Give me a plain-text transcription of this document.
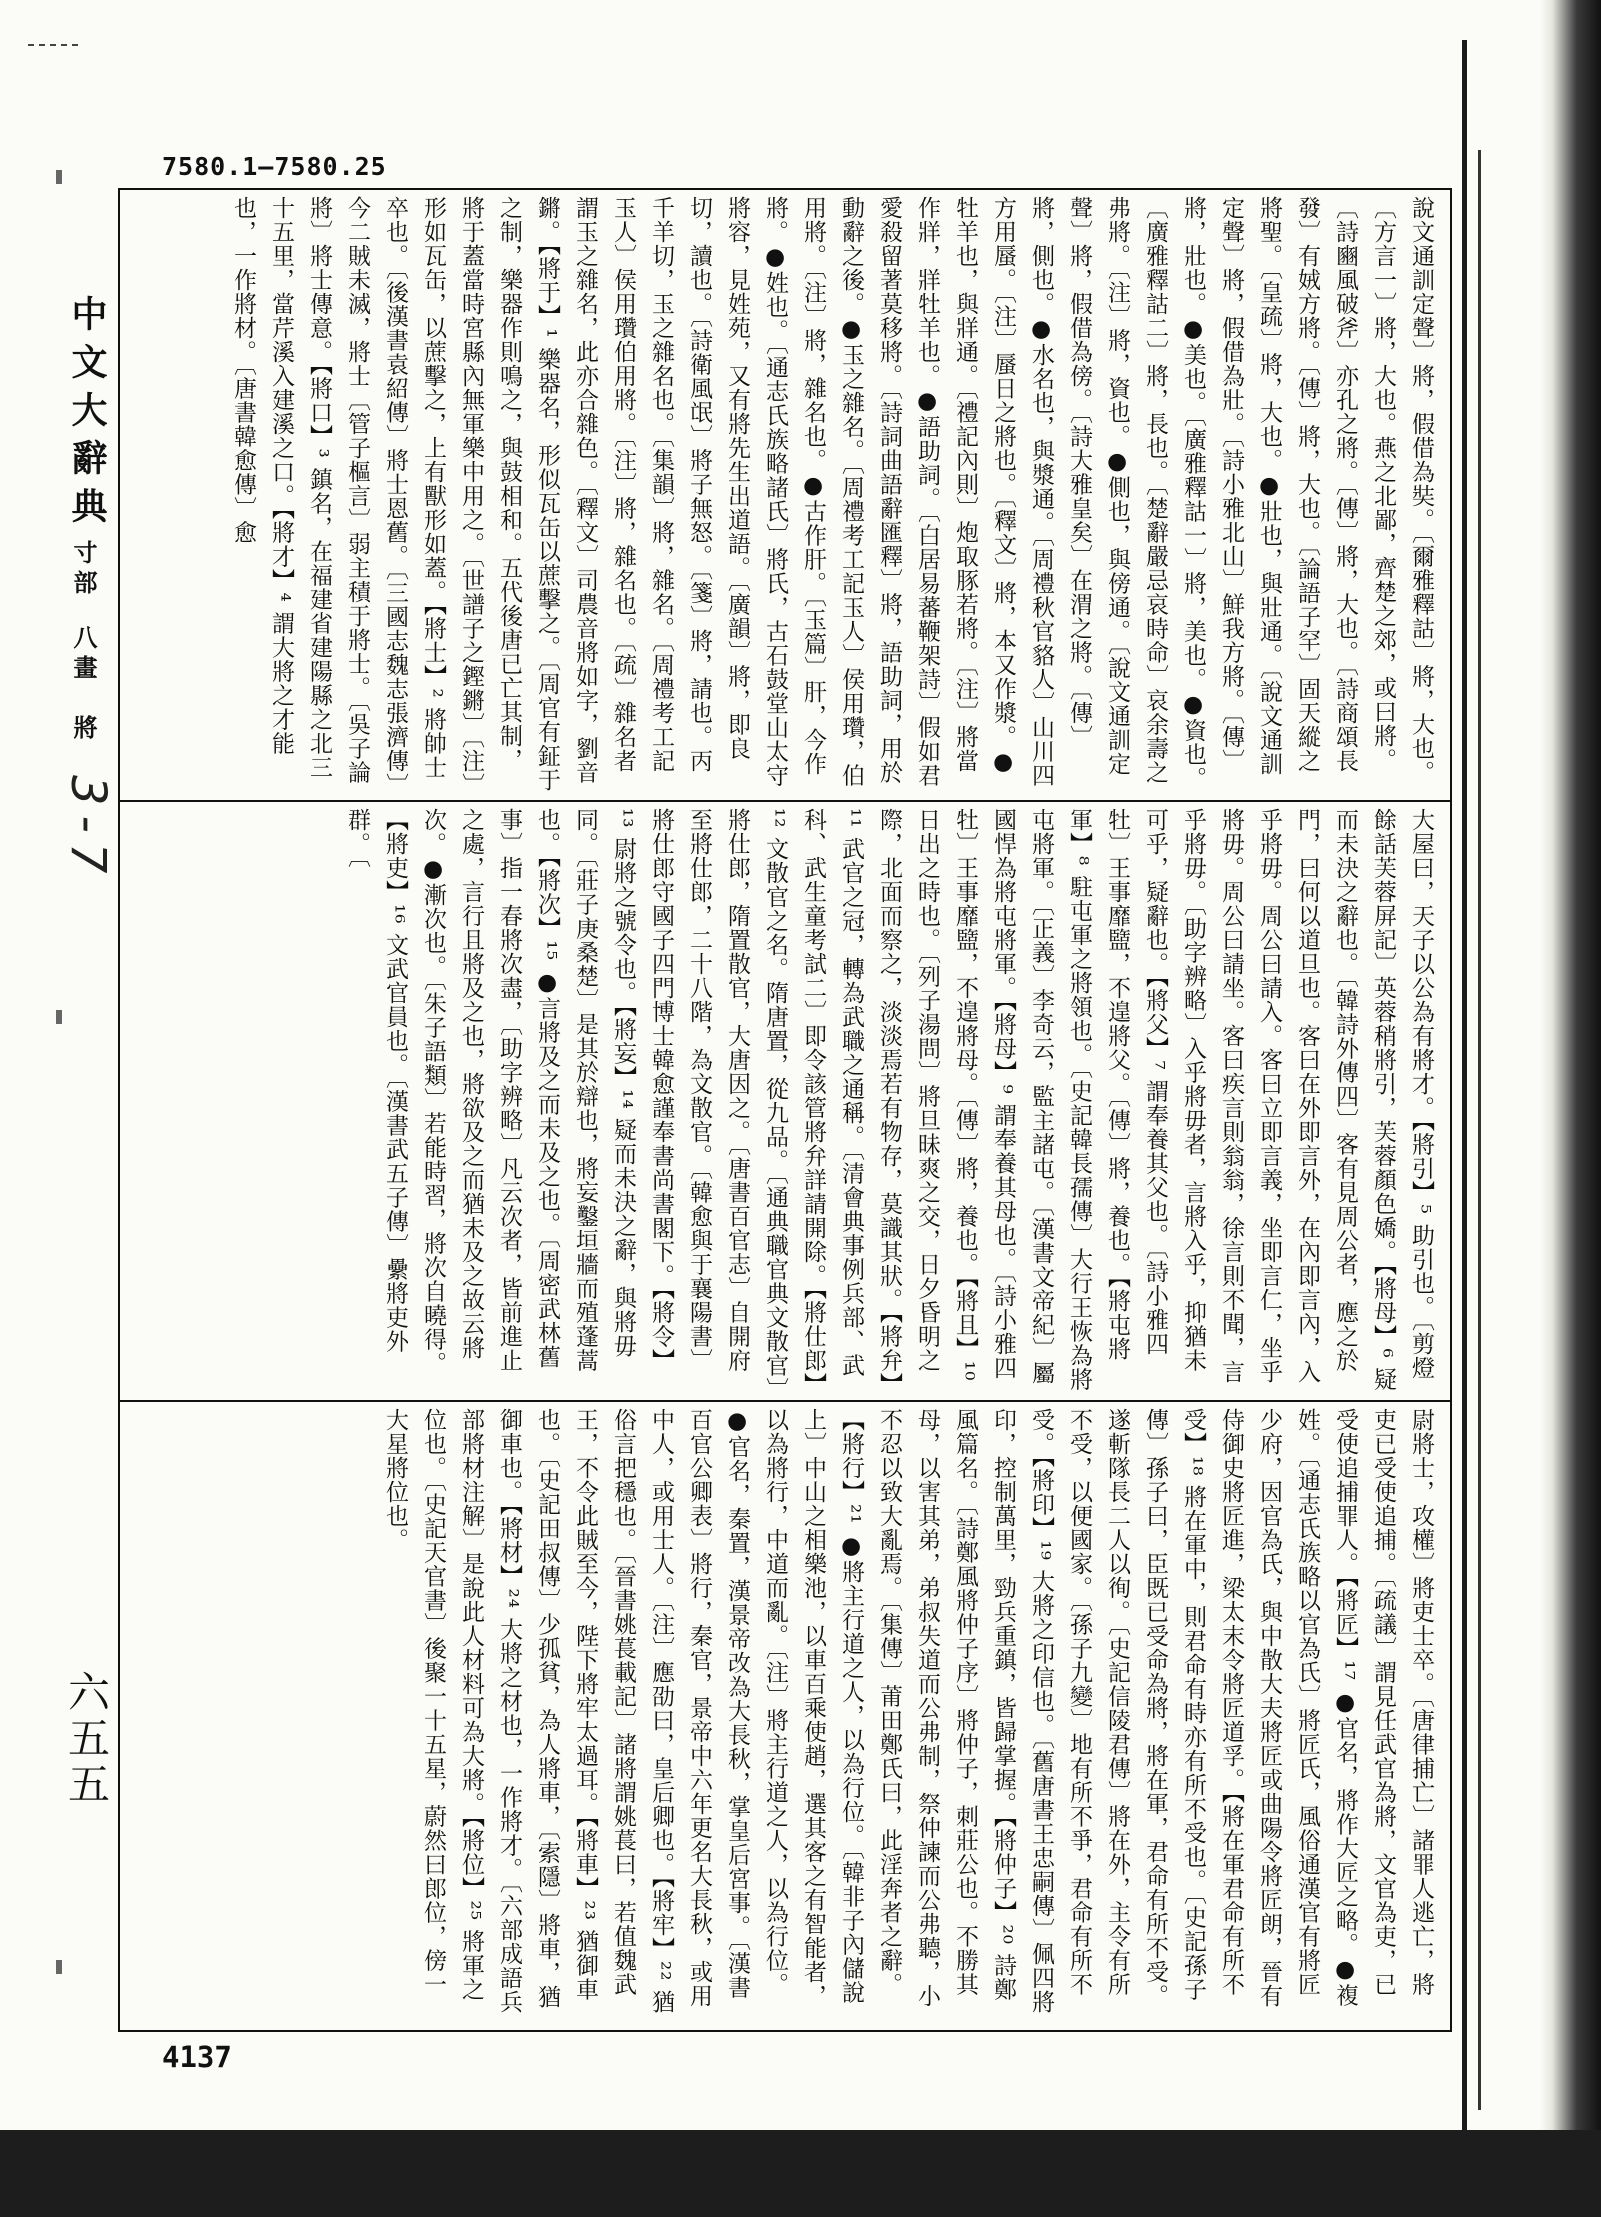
7580.1—7580.25
中文大辭典
寸部
八畫
將
3-7
六五五

說文通訓定聲〕將，假借為奘。〔爾雅釋詁〕將，大也。〔方言一〕將，大也。燕之北鄙，齊楚之郊，或曰將。〔詩豳風破斧〕亦孔之將。〔傳〕將，大也。〔詩商頌長發〕有娀方將。〔傳〕將，大也。〔論語子罕〕固天縱之將聖。〔皇疏〕將，大也。●壯也，與壯通。〔說文通訓定聲〕將，假借為壯。〔詩小雅北山〕鮮我方將。〔傳〕將，壯也。●美也。〔廣雅釋詁一〕將，美也。●資也。〔廣雅釋詁二〕將，長也。〔楚辭嚴忌哀時命〕哀余壽之弗將。〔注〕將，資也。●側也，與傍通。〔說文通訓定聲〕將，假借為傍。〔詩大雅皇矣〕在渭之將。〔傳〕將，側也。●水名也，與漿通。〔周禮秋官貉人〕山川四方用蜃。〔注〕蜃日之將也。〔釋文〕將，本又作漿。●牡羊也，與牂通。〔禮記內則〕炮取豚若將。〔注〕將當作牂，牂牡羊也。●語助詞。〔白居易蕃鞭架詩〕假如君愛殺留著莫移將。〔詩詞曲語辭匯釋〕將，語助詞，用於動辭之後。●玉之雜名。〔周禮考工記玉人〕侯用瓚，伯用將。〔注〕將，雜名也。●古作肝。〔玉篇〕肝，今作將。●姓也。〔通志氏族略諸氏〕將氏，古石鼓堂山太守將容，見姓苑，又有將先生出道語。〔廣韻〕將，即良切，讀也。〔詩衛風氓〕將子無怒。〔箋〕將，請也。丙千羊切，玉之雜名也。〔集韻〕將，雜名。〔周禮考工記玉人〕侯用瓚伯用將。〔注〕將，雜名也。〔疏〕雜名者謂玉之雜名，此亦合雜色。〔釋文〕司農音將如字，劉音鏘。【將于】¹ 樂器名，形似瓦缶以蔗擊之。〔周官有鉦于之制，樂器作則鳴之，與鼓相和。五代後唐已亡其制，將于蓋當時宮縣內無軍樂中用之。〔世譜子之鏗鏘〕〔注〕形如瓦缶，以蔗擊之，上有獸形如蓋。【將士】² 將帥士卒也。〔後漢書袁紹傳〕將士恩舊。〔三國志魏志張濟傳〕今二賊未滅，將士〔管子樞言〕弱主積于將士。〔吳子論將〕將士傳意。【將口】³ 鎮名，在福建省建陽縣之北三十五里，當芹溪入建溪之口。【將才】⁴ 謂大將之才能也，一作將材。〔唐書韓愈傳〕愈

大屋曰，天子以公為有將才。【將引】⁵ 助引也。〔剪燈餘話芙蓉屏記〕英蓉稍將引，芙蓉顏色嬌。【將母】⁶ 疑而未決之辭也。〔韓詩外傳四〕客有見周公者，應之於門，曰何以道旦也。客曰在外即言外，在內即言內，入乎將毋。周公曰請入。客曰立即言義，坐即言仁，坐乎將毋。周公曰請坐。客曰疾言則翁翁，徐言則不聞，言乎將毋。〔助字辨略〕入乎將毋者，言將入乎，抑猶未可乎，疑辭也。【將父】⁷ 謂奉養其父也。〔詩小雅四牡〕王事靡盬，不遑將父。〔傳〕將，養也。【將屯將軍】⁸ 駐屯軍之將領也。〔史記韓長孺傳〕大行王恢為將屯將軍。〔正義〕李奇云，監主諸屯。〔漢書文帝紀〕屬國悍為將屯將軍。【將母】⁹ 謂奉養其母也。〔詩小雅四牡〕王事靡盬，不遑將母。〔傳〕將，養也。【將且】¹⁰ 日出之時也。〔列子湯問〕將旦昧爽之交，日夕昏明之際，北面而察之，淡淡焉若有物存，莫識其狀。【將弁】¹¹ 武官之冠，轉為武職之通稱。〔清會典事例兵部、武科、武生童考試二〕即令該管將弁詳請開除。【將仕郎】¹² 文散官之名。隋唐置，從九品。〔通典職官典文散官〕將仕郎，隋置散官，大唐因之。〔唐書百官志〕自開府至將仕郎，二十八階，為文散官。〔韓愈與于襄陽書〕將仕郎守國子四門博士韓愈謹奉書尚書閣下。【將令】¹³ 尉將之號令也。【將妄】¹⁴ 疑而未決之辭，與將毋同。〔莊子庚桑楚〕是其於辯也，將妄鑿垣牆而殖蓬蒿也。【將次】¹⁵ ●言將及之而未及之也。〔周密武林舊事〕指一春將次盡，〔助字辨略〕凡云次者，皆前進止之處，言行且將及之也，將欲及之而猶未及之故云將次。●漸次也。〔朱子語類〕若能時習，將次自曉得。【將吏】¹⁶ 文武官員也。〔漢書武五子傳〕纍將吏外群。〔

尉將士，攻權〕將吏士卒。〔唐律捕亡〕諸罪人逃亡，將吏已受使追捕。〔疏議〕謂見任武官為將，文官為吏，已受使追捕罪人。【將匠】¹⁷ ●官名，將作大匠之略。●複姓。〔通志氏族略以官為氏〕將匠氏，風俗通漢官有將匠少府，因官為氏，與中散大夫將匠或曲陽令將匠朗，晉有侍御史將匠進，梁太末令將匠道孚。【將在軍君命有所不受】¹⁸ 將在軍中，則君命有時亦有所不受也。〔史記孫子傳〕孫子曰，臣既已受命為將，將在軍，君命有所不受。遂斬隊長二人以徇。〔史記信陵君傳〕將在外，主令有所不受，以便國家。〔孫子九變〕地有所不爭，君命有所不受。【將印】¹⁹ 大將之印信也。〔舊唐書王忠嗣傳〕佩四將印，控制萬里，勁兵重鎮，皆歸掌握。【將仲子】²⁰ 詩鄭風篇名。〔詩鄭風將仲子序〕將仲子，刺莊公也。不勝其母，以害其弟，弟叔失道而公弗制，祭仲諫而公弗聽，小不忍以致大亂焉。〔集傳〕莆田鄭氏曰，此淫奔者之辭。【將行】²¹ ●將主行道之人，以為行位。〔韓非子內儲說上〕中山之相樂池，以車百乘使趙，選其客之有智能者，以為將行，中道而亂。〔注〕將主行道之人，以為行位。●官名，秦置，漢景帝改為大長秋，掌皇后宮事。〔漢書百官公卿表〕將行，秦官，景帝中六年更名大長秋，或用中人，或用士人。〔注〕應劭曰，皇后卿也。【將牢】²² 猶俗言把穩也。〔晉書姚萇載記〕諸將謂姚萇曰，若值魏武王，不令此賊至今，陛下將牢太過耳。【將車】²³ 猶御車也。〔史記田叔傳〕少孤貧，為人將車，〔索隱〕將車，猶御車也。【將材】²⁴ 大將之材也，一作將才。〔六部成語兵部將材注解〕是說此人材料可為大將。【將位】²⁵ 將軍之位也。〔史記天官書〕後聚一十五星，蔚然曰郎位，傍一大星將位也。

4137
